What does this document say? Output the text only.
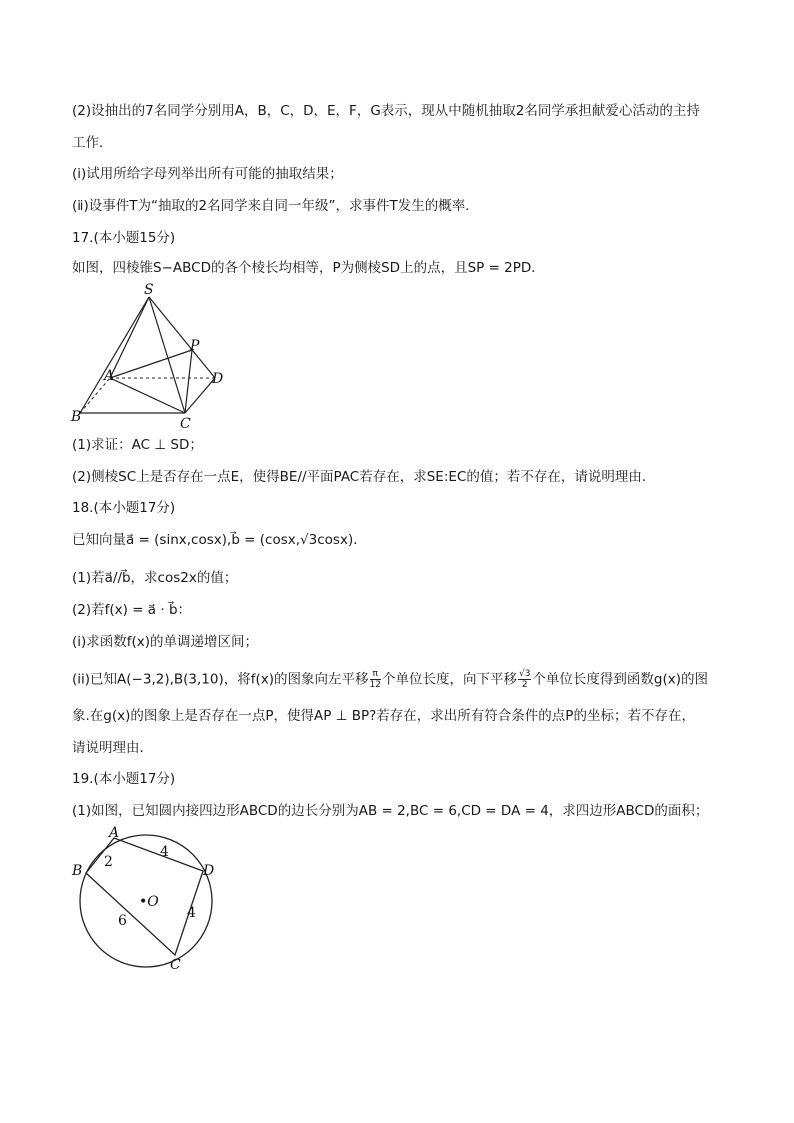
(2)设抽出的7名同学分别用A，B，C，D，E，F，G表示，现从中随机抽取2名同学承担献爱心活动的主持
工作．
(ⅰ)试用所给字母列举出所有可能的抽取结果；
(ⅱ)设事件T为“抽取的2名同学来自同一年级”，求事件T发生的概率．
17.(本小题15分)
如图，四棱锥S−ABCD的各个棱长均相等，P为侧棱SD上的点，且SP = 2PD．
S
P
A	D
B	C
(1)求证：AC ⊥ SD；
(2)侧棱SC上是否存在一点E，使得BE//平面PAC若存在，求SE:EC的值；若不存在，请说明理由．
18.(本小题17分)
已知向量a⃗ = (sinx,cosx),b⃗ = (cosx,√3cosx)．
(1)若a⃗//b⃗，求cos2x的值；
(2)若f(x) = a⃗ · b⃗：
(i)求函数f(x)的单调递增区间；
(ii)已知A(−3,2),B(3,10)，将f(x)的图象向左平移 $\frac{\pi}{12}$ 个单位长度，向下平移 $\frac{√3}{2}$ 个单位长度得到函数g(x)的图
象.在g(x)的图象上是否存在一点P，使得AP ⊥ BP?若存在，求出所有符合条件的点P的坐标；若不存在，
请说明理由．
19.(本小题17分)
(1)如图，已知圆内接四边形ABCD的边长分别为AB = 2,BC = 6,CD = DA = 4，求四边形ABCD的面积；
A
B
C
D
•O
2
4
6	4
